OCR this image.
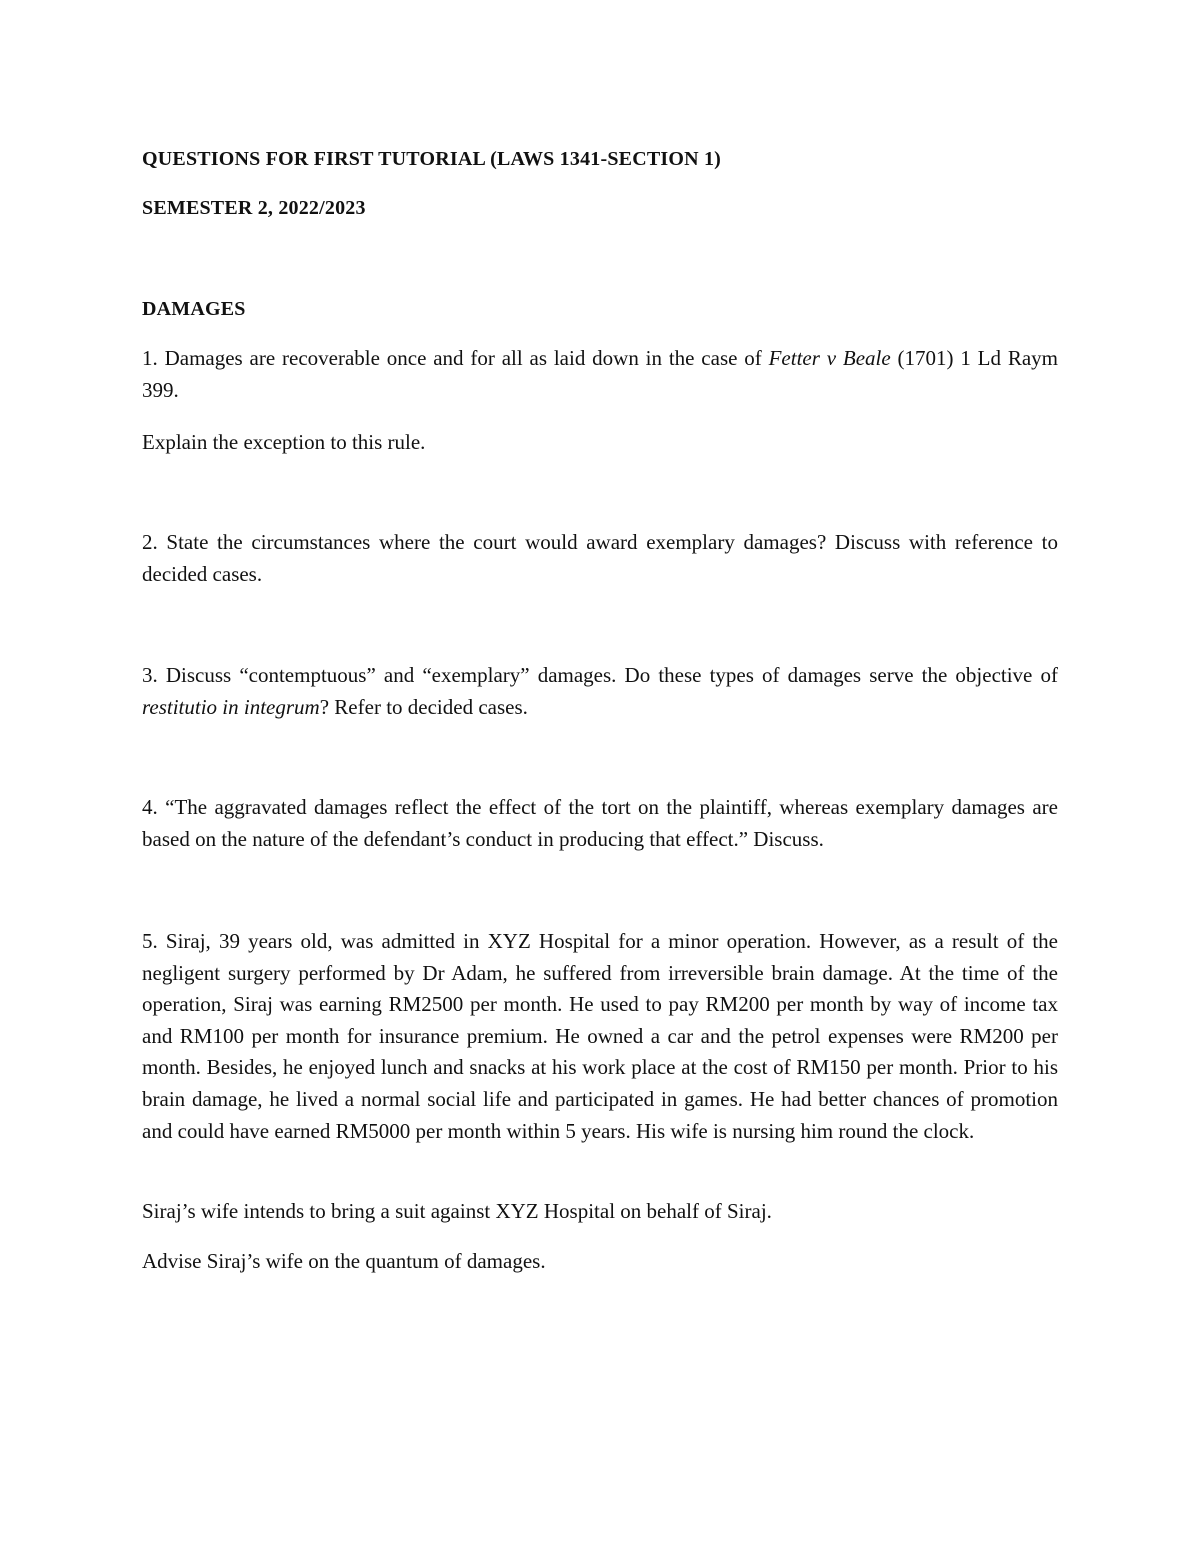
QUESTIONS FOR FIRST TUTORIAL (LAWS 1341-SECTION 1)
SEMESTER 2, 2022/2023
DAMAGES

1. Damages are recoverable once and for all as laid down in the case of Fetter v Beale (1701) 1 Ld Raym 399.

Explain the exception to this rule.

2. State the circumstances where the court would award exemplary damages? Discuss with reference to decided cases.

3. Discuss “contemptuous” and “exemplary” damages. Do these types of damages serve the objective of restitutio in integrum? Refer to decided cases.

4. “The aggravated damages reflect the effect of the tort on the plaintiff, whereas exemplary damages are based on the nature of the defendant’s conduct in producing that effect.” Discuss.

5. Siraj, 39 years old, was admitted in XYZ Hospital for a minor operation. However, as a result of the negligent surgery performed by Dr Adam, he suffered from irreversible brain damage. At the time of the operation, Siraj was earning RM2500 per month. He used to pay RM200 per month by way of income tax and RM100 per month for insurance premium. He owned a car and the petrol expenses were RM200 per month. Besides, he enjoyed lunch and snacks at his work place at the cost of RM150 per month. Prior to his brain damage, he lived a normal social life and participated in games. He had better chances of promotion and could have earned RM5000 per month within 5 years. His wife is nursing him round the clock.

Siraj’s wife intends to bring a suit against XYZ Hospital on behalf of Siraj.
Advise Siraj’s wife on the quantum of damages.
